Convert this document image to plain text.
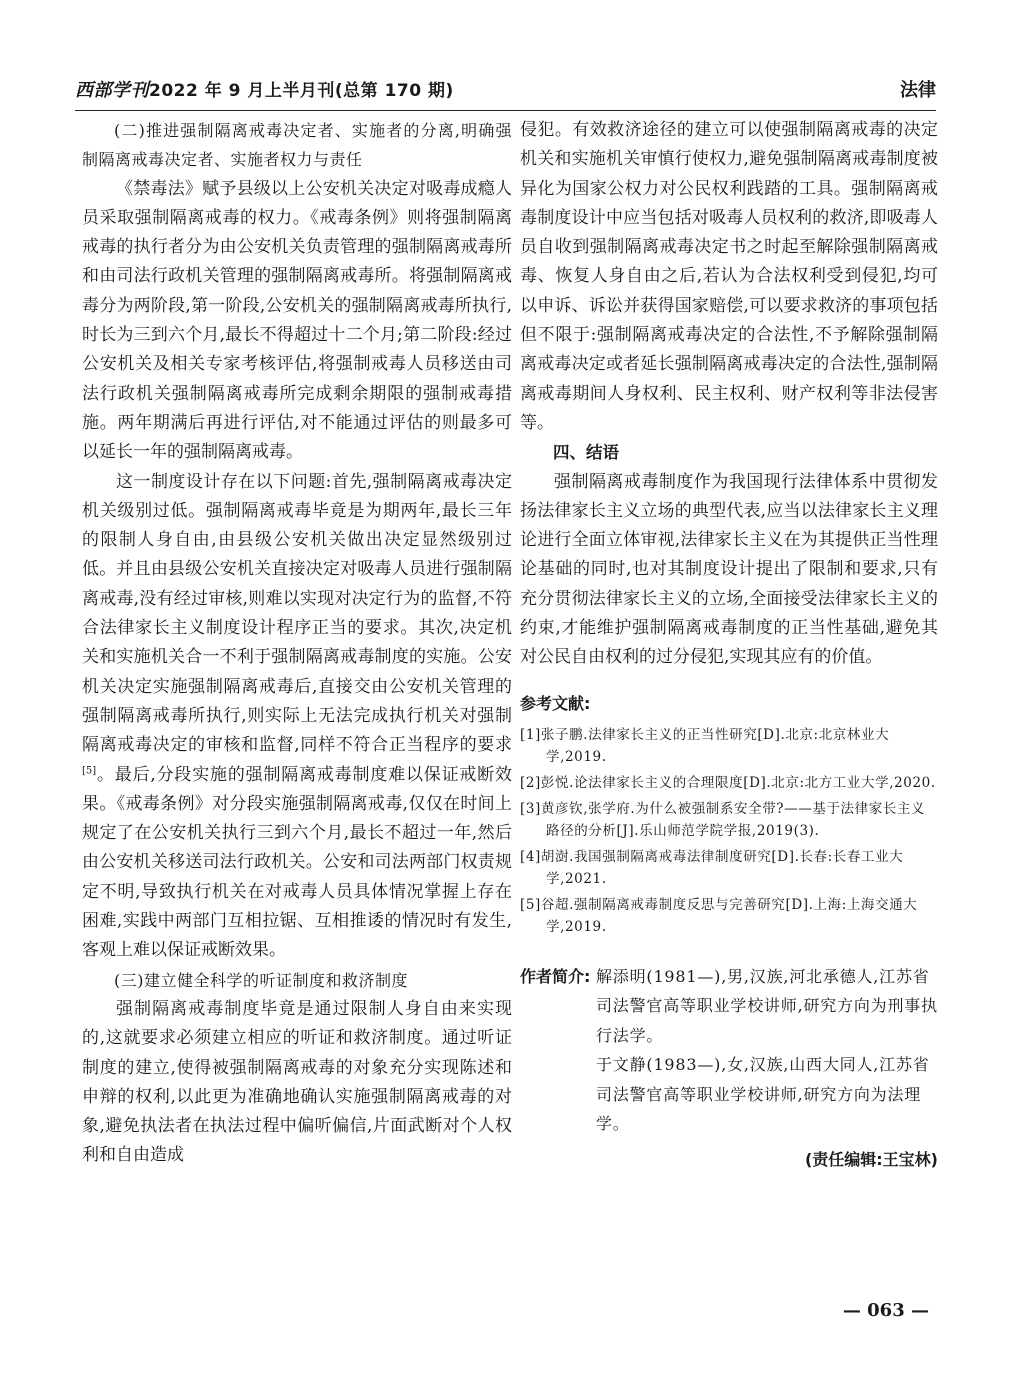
西部学刊2022 年 9 月上半月刊(总第 170 期)	法律

(二)推进强制隔离戒毒决定者、实施者的分离,明确强制隔离戒毒决定者、实施者权力与责任

《禁毒法》赋予县级以上公安机关决定对吸毒成瘾人员采取强制隔离戒毒的权力。《戒毒条例》则将强制隔离戒毒的执行者分为由公安机关负责管理的强制隔离戒毒所和由司法行政机关管理的强制隔离戒毒所。将强制隔离戒毒分为两阶段,第一阶段,公安机关的强制隔离戒毒所执行,时长为三到六个月,最长不得超过十二个月;第二阶段:经过公安机关及相关专家考核评估,将强制戒毒人员移送由司法行政机关强制隔离戒毒所完成剩余期限的强制戒毒措施。两年期满后再进行评估,对不能通过评估的则最多可以延长一年的强制隔离戒毒。

这一制度设计存在以下问题:首先,强制隔离戒毒决定机关级别过低。强制隔离戒毒毕竟是为期两年,最长三年的限制人身自由,由县级公安机关做出决定显然级别过低。并且由县级公安机关直接决定对吸毒人员进行强制隔离戒毒,没有经过审核,则难以实现对决定行为的监督,不符合法律家长主义制度设计程序正当的要求。其次,决定机关和实施机关合一不利于强制隔离戒毒制度的实施。公安机关决定实施强制隔离戒毒后,直接交由公安机关管理的强制隔离戒毒所执行,则实际上无法完成执行机关对强制隔离戒毒决定的审核和监督,同样不符合正当程序的要求[5]。最后,分段实施的强制隔离戒毒制度难以保证戒断效果。《戒毒条例》对分段实施强制隔离戒毒,仅仅在时间上规定了在公安机关执行三到六个月,最长不超过一年,然后由公安机关移送司法行政机关。公安和司法两部门权责规定不明,导致执行机关在对戒毒人员具体情况掌握上存在困难,实践中两部门互相拉锯、互相推诿的情况时有发生,客观上难以保证戒断效果。

(三)建立健全科学的听证制度和救济制度

强制隔离戒毒制度毕竟是通过限制人身自由来实现的,这就要求必须建立相应的听证和救济制度。通过听证制度的建立,使得被强制隔离戒毒的对象充分实现陈述和申辩的权利,以此更为准确地确认实施强制隔离戒毒的对象,避免执法者在执法过程中偏听偏信,片面武断对个人权利和自由造成

侵犯。有效救济途径的建立可以使强制隔离戒毒的决定机关和实施机关审慎行使权力,避免强制隔离戒毒制度被异化为国家公权力对公民权利践踏的工具。强制隔离戒毒制度设计中应当包括对吸毒人员权利的救济,即吸毒人员自收到强制隔离戒毒决定书之时起至解除强制隔离戒毒、恢复人身自由之后,若认为合法权利受到侵犯,均可以申诉、诉讼并获得国家赔偿,可以要求救济的事项包括但不限于:强制隔离戒毒决定的合法性,不予解除强制隔离戒毒决定或者延长强制隔离戒毒决定的合法性,强制隔离戒毒期间人身权利、民主权利、财产权利等非法侵害等。

四、结语

强制隔离戒毒制度作为我国现行法律体系中贯彻发扬法律家长主义立场的典型代表,应当以法律家长主义理论进行全面立体审视,法律家长主义在为其提供正当性理论基础的同时,也对其制度设计提出了限制和要求,只有充分贯彻法律家长主义的立场,全面接受法律家长主义的约束,才能维护强制隔离戒毒制度的正当性基础,避免其对公民自由权利的过分侵犯,实现其应有的价值。

参考文献:
[1]张子鹏.法律家长主义的正当性研究[D].北京:北京林业大学,2019.
[2]彭悦.论法律家长主义的合理限度[D].北京:北方工业大学,2020.
[3]黄彦钦,张学府.为什么被强制系安全带?——基于法律家长主义路径的分析[J].乐山师范学院学报,2019(3).
[4]胡澍.我国强制隔离戒毒法律制度研究[D].长春:长春工业大学,2021.
[5]谷超.强制隔离戒毒制度反思与完善研究[D].上海:上海交通大学,2019.
作者简介: 解添明(1981—),男,汉族,河北承德人,江苏省司法警官高等职业学校讲师,研究方向为刑事执行法学。

于文静(1983—),女,汉族,山西大同人,江苏省司法警官高等职业学校讲师,研究方向为法理学。

(责任编辑:王宝林)
— 063 —
